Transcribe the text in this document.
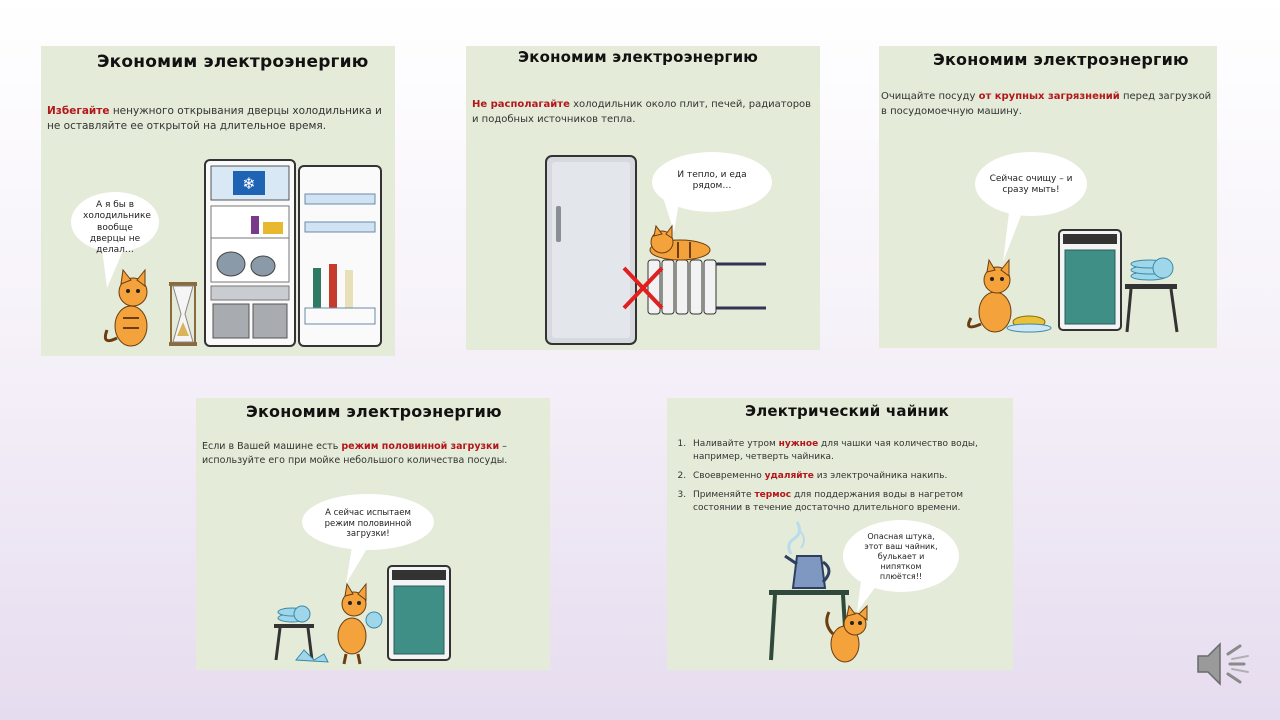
Экономим электроэнергию
Избегайте ненужного открывания дверцы холодильника и не оставляйте ее открытой на длительное время.
❄
А я бы в холодильнике вообще дверцы не делал…
Экономим электроэнергию
Не располагайте холодильник около плит, печей, радиаторов и подобных источников тепла.
И тепло, и еда рядом…
Экономим электроэнергию
Очищайте посуду от крупных загрязнений перед загрузкой в посудомоечную машину.
Сейчас очищу – и сразу мыть!
Экономим электроэнергию
Если в Вашей машине есть режим половинной загрузки – используйте его при мойке небольшого количества посуды.
А сейчас испытаем режим половинной загрузки!
Электрический чайник
1. Наливайте утром нужное для чашки чая количество воды, например, четверть чайника.
2. Своевременно удаляйте из электрочайника накипь.
3. Применяйте термос для поддержания воды в нагретом состоянии в течение достаточно длительного времени.
Опасная штука, этот ваш чайник, булькает и нипятком плюётся!!
